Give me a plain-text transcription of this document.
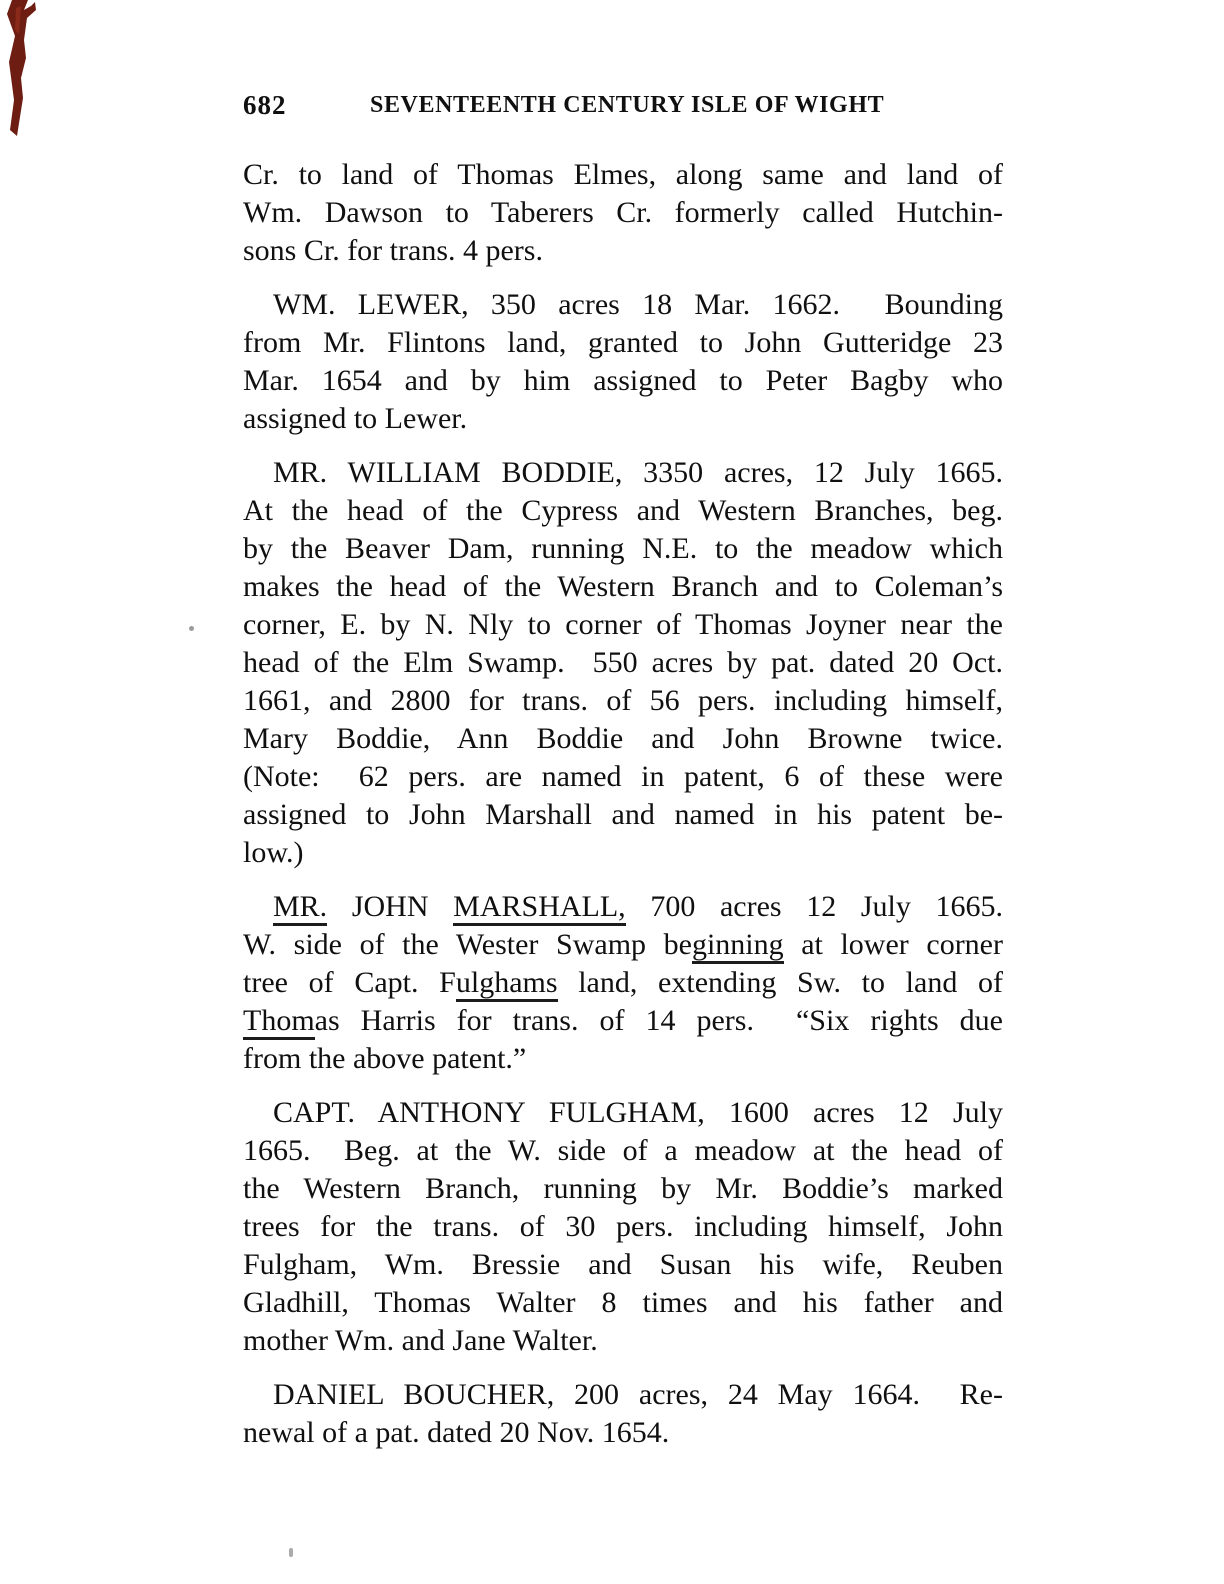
682	SEVENTEENTH CENTURY ISLE OF WIGHT
Cr. to land of Thomas Elmes, along same and land of
Wm. Dawson to Taberers Cr. formerly called Hutchin-
sons Cr. for trans. 4 pers.
WM. LEWER, 350 acres 18 Mar. 1662.  Bounding
from Mr. Flintons land, granted to John Gutteridge 23
Mar. 1654 and by him assigned to Peter Bagby who
assigned to Lewer.
MR. WILLIAM BODDIE, 3350 acres, 12 July 1665.
At the head of the Cypress and Western Branches, beg.
by the Beaver Dam, running N.E. to the meadow which
makes the head of the Western Branch and to Coleman’s
corner, E. by N. Nly to corner of Thomas Joyner near the
head of the Elm Swamp.  550 acres by pat. dated 20 Oct.
1661, and 2800 for trans. of 56 pers. including himself,
Mary Boddie, Ann Boddie and John Browne twice.
(Note:  62 pers. are named in patent, 6 of these were
assigned to John Marshall and named in his patent be-
low.)
MR. JOHN MARSHALL, 700 acres 12 July 1665.
W. side of the Wester Swamp beginning at lower corner
tree of Capt. Fulghams land, extending Sw. to land of
Thomas Harris for trans. of 14 pers.  “Six rights due
from the above patent.”
CAPT. ANTHONY FULGHAM, 1600 acres 12 July
1665.  Beg. at the W. side of a meadow at the head of
the Western Branch, running by Mr. Boddie’s marked
trees for the trans. of 30 pers. including himself, John
Fulgham, Wm. Bressie and Susan his wife, Reuben
Gladhill, Thomas Walter 8 times and his father and
mother Wm. and Jane Walter.
DANIEL BOUCHER, 200 acres, 24 May 1664.  Re-
newal of a pat. dated 20 Nov. 1654.
